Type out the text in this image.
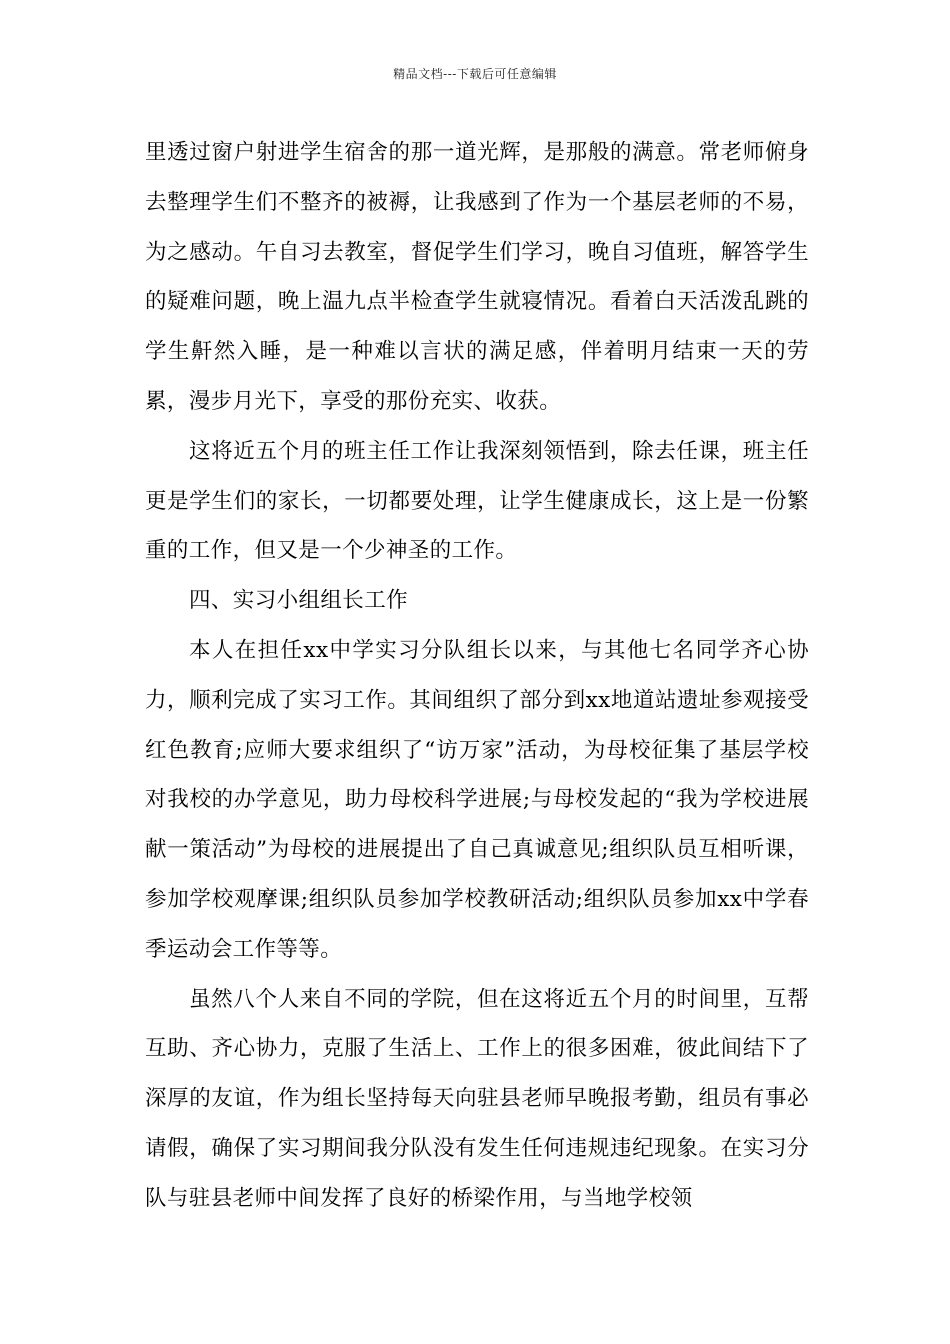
精品文档---下载后可任意编辑

里透过窗户射进学生宿舍的那一道光辉，是那般的满意。常老师俯身去整理学生们不整齐的被褥，让我感到了作为一个基层老师的不易，为之感动。午自习去教室，督促学生们学习，晚自习值班，解答学生的疑难问题，晚上温九点半检查学生就寝情况。看着白天活泼乱跳的学生鼾然入睡，是一种难以言状的满足感，伴着明月结束一天的劳累，漫步月光下，享受的那份充实、收获。

这将近五个月的班主任工作让我深刻领悟到，除去任课，班主任更是学生们的家长，一切都要处理，让学生健康成长，这上是一份繁重的工作，但又是一个少神圣的工作。

四、实习小组组长工作

本人在担任xx中学实习分队组长以来，与其他七名同学齐心协力，顺利完成了实习工作。其间组织了部分到xx地道站遗址参观接受红色教育;应师大要求组织了“访万家”活动，为母校征集了基层学校对我校的办学意见，助力母校科学进展;与母校发起的“我为学校进展献一策活动”为母校的进展提出了自己真诚意见;组织队员互相听课，参加学校观摩课;组织队员参加学校教研活动;组织队员参加xx中学春季运动会工作等等。

虽然八个人来自不同的学院，但在这将近五个月的时间里，互帮互助、齐心协力，克服了生活上、工作上的很多困难，彼此间结下了深厚的友谊，作为组长坚持每天向驻县老师早晚报考勤，组员有事必请假，确保了实习期间我分队没有发生任何违规违纪现象。在实习分队与驻县老师中间发挥了良好的桥梁作用，与当地学校领
